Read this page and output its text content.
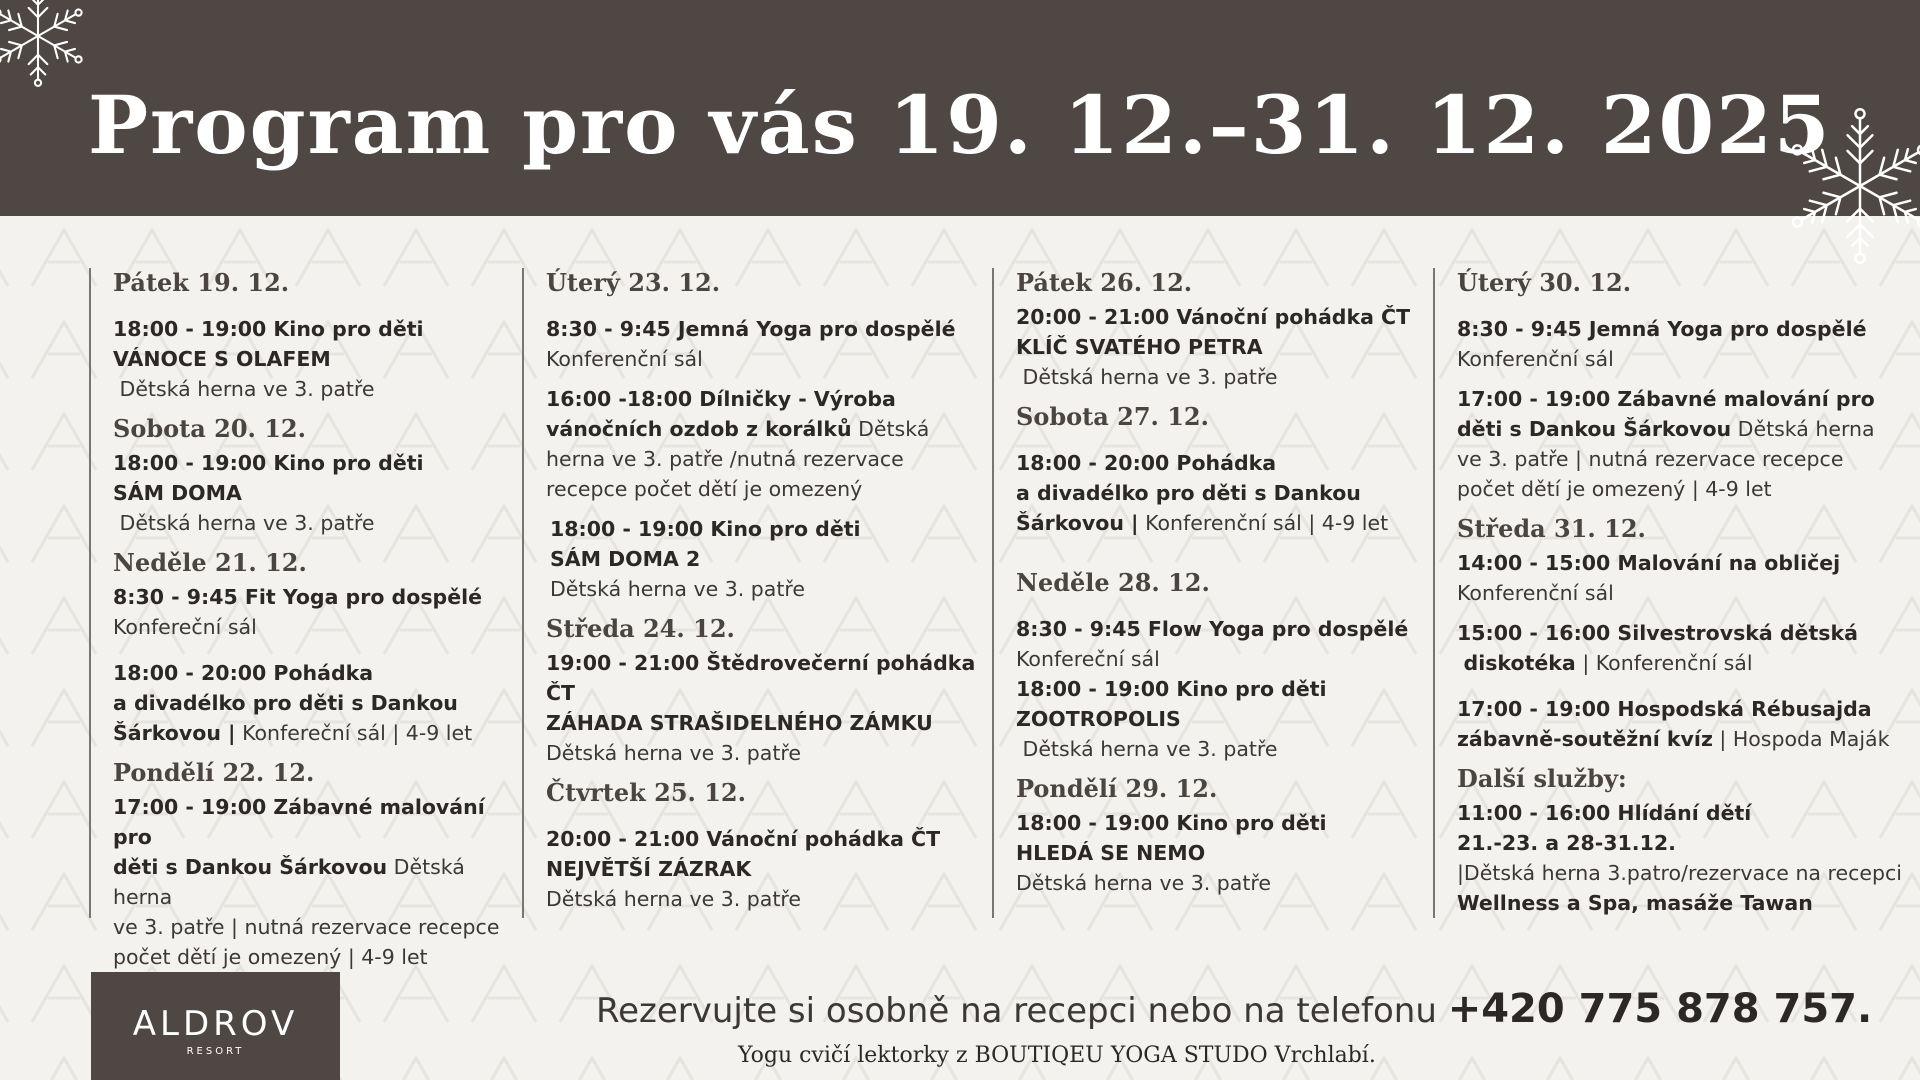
Program pro vás 19. 12.–31. 12. 2025
Pátek 19. 12.
18:00 - 19:00 Kino pro děti
VÁNOCE S OLAFEM
Dětská herna ve 3. patře
Sobota 20. 12.
18:00 - 19:00 Kino pro děti
SÁM DOMA
Dětská herna ve 3. patře
Neděle 21. 12.
8:30 - 9:45 Fit Yoga pro dospělé
Konfereční sál
18:00 - 20:00 Pohádka
a divadélko pro děti s Dankou
Šárkovou | Konfereční sál | 4-9 let
Pondělí 22. 12.
17:00 - 19:00 Zábavné malování pro
děti s Dankou Šárkovou Dětská herna
ve 3. patře | nutná rezervace recepce
počet dětí je omezený | 4-9 let
Úterý 23. 12.
8:30 - 9:45 Jemná Yoga pro dospělé
Konferenční sál
16:00 -18:00 Dílničky - Výroba
vánočních ozdob z korálků Dětská
herna ve 3. patře /nutná rezervace
recepce počet dětí je omezený
18:00 - 19:00 Kino pro děti
SÁM DOMA 2
Dětská herna ve 3. patře
Středa 24. 12.
19:00 - 21:00 Štědrovečerní pohádka ČT
ZÁHADA STRAŠIDELNÉHO ZÁMKU
Dětská herna ve 3. patře
Čtvrtek 25. 12.
20:00 - 21:00 Vánoční pohádka ČT
NEJVĚTŠÍ ZÁZRAK
Dětská herna ve 3. patře
Pátek 26. 12.
20:00 - 21:00 Vánoční pohádka ČT
KLÍČ SVATÉHO PETRA
Dětská herna ve 3. patře
Sobota 27. 12.
18:00 - 20:00 Pohádka
a divadélko pro děti s Dankou
Šárkovou | Konferenční sál | 4-9 let
Neděle 28. 12.
8:30 - 9:45 Flow Yoga pro dospělé
Konfereční sál
18:00 - 19:00 Kino pro děti
ZOOTROPOLIS
Dětská herna ve 3. patře
Pondělí 29. 12.
18:00 - 19:00 Kino pro děti
HLEDÁ SE NEMO
Dětská herna ve 3. patře
Úterý 30. 12.
8:30 - 9:45 Jemná Yoga pro dospělé
Konferenční sál
17:00 - 19:00 Zábavné malování pro
děti s Dankou Šárkovou Dětská herna
ve 3. patře | nutná rezervace recepce
počet dětí je omezený | 4-9 let
Středa 31. 12.
14:00 - 15:00 Malování na obličej
Konferenční sál
15:00 - 16:00 Silvestrovská dětská
diskotéka | Konferenční sál
17:00 - 19:00 Hospodská Rébusajda
zábavně-soutěžní kvíz | Hospoda Maják
Další služby:
11:00 - 16:00 Hlídání dětí
21.-23. a 28-31.12.
|Dětská herna 3.patro/rezervace na recepci
Wellness a Spa, masáže Tawan
ALDROV
RESORT
Rezervujte si osobně na recepci nebo na telefonu +420 775 878 757.
Yogu cvičí lektorky z BOUTIQEU YOGA STUDO Vrchlabí.
